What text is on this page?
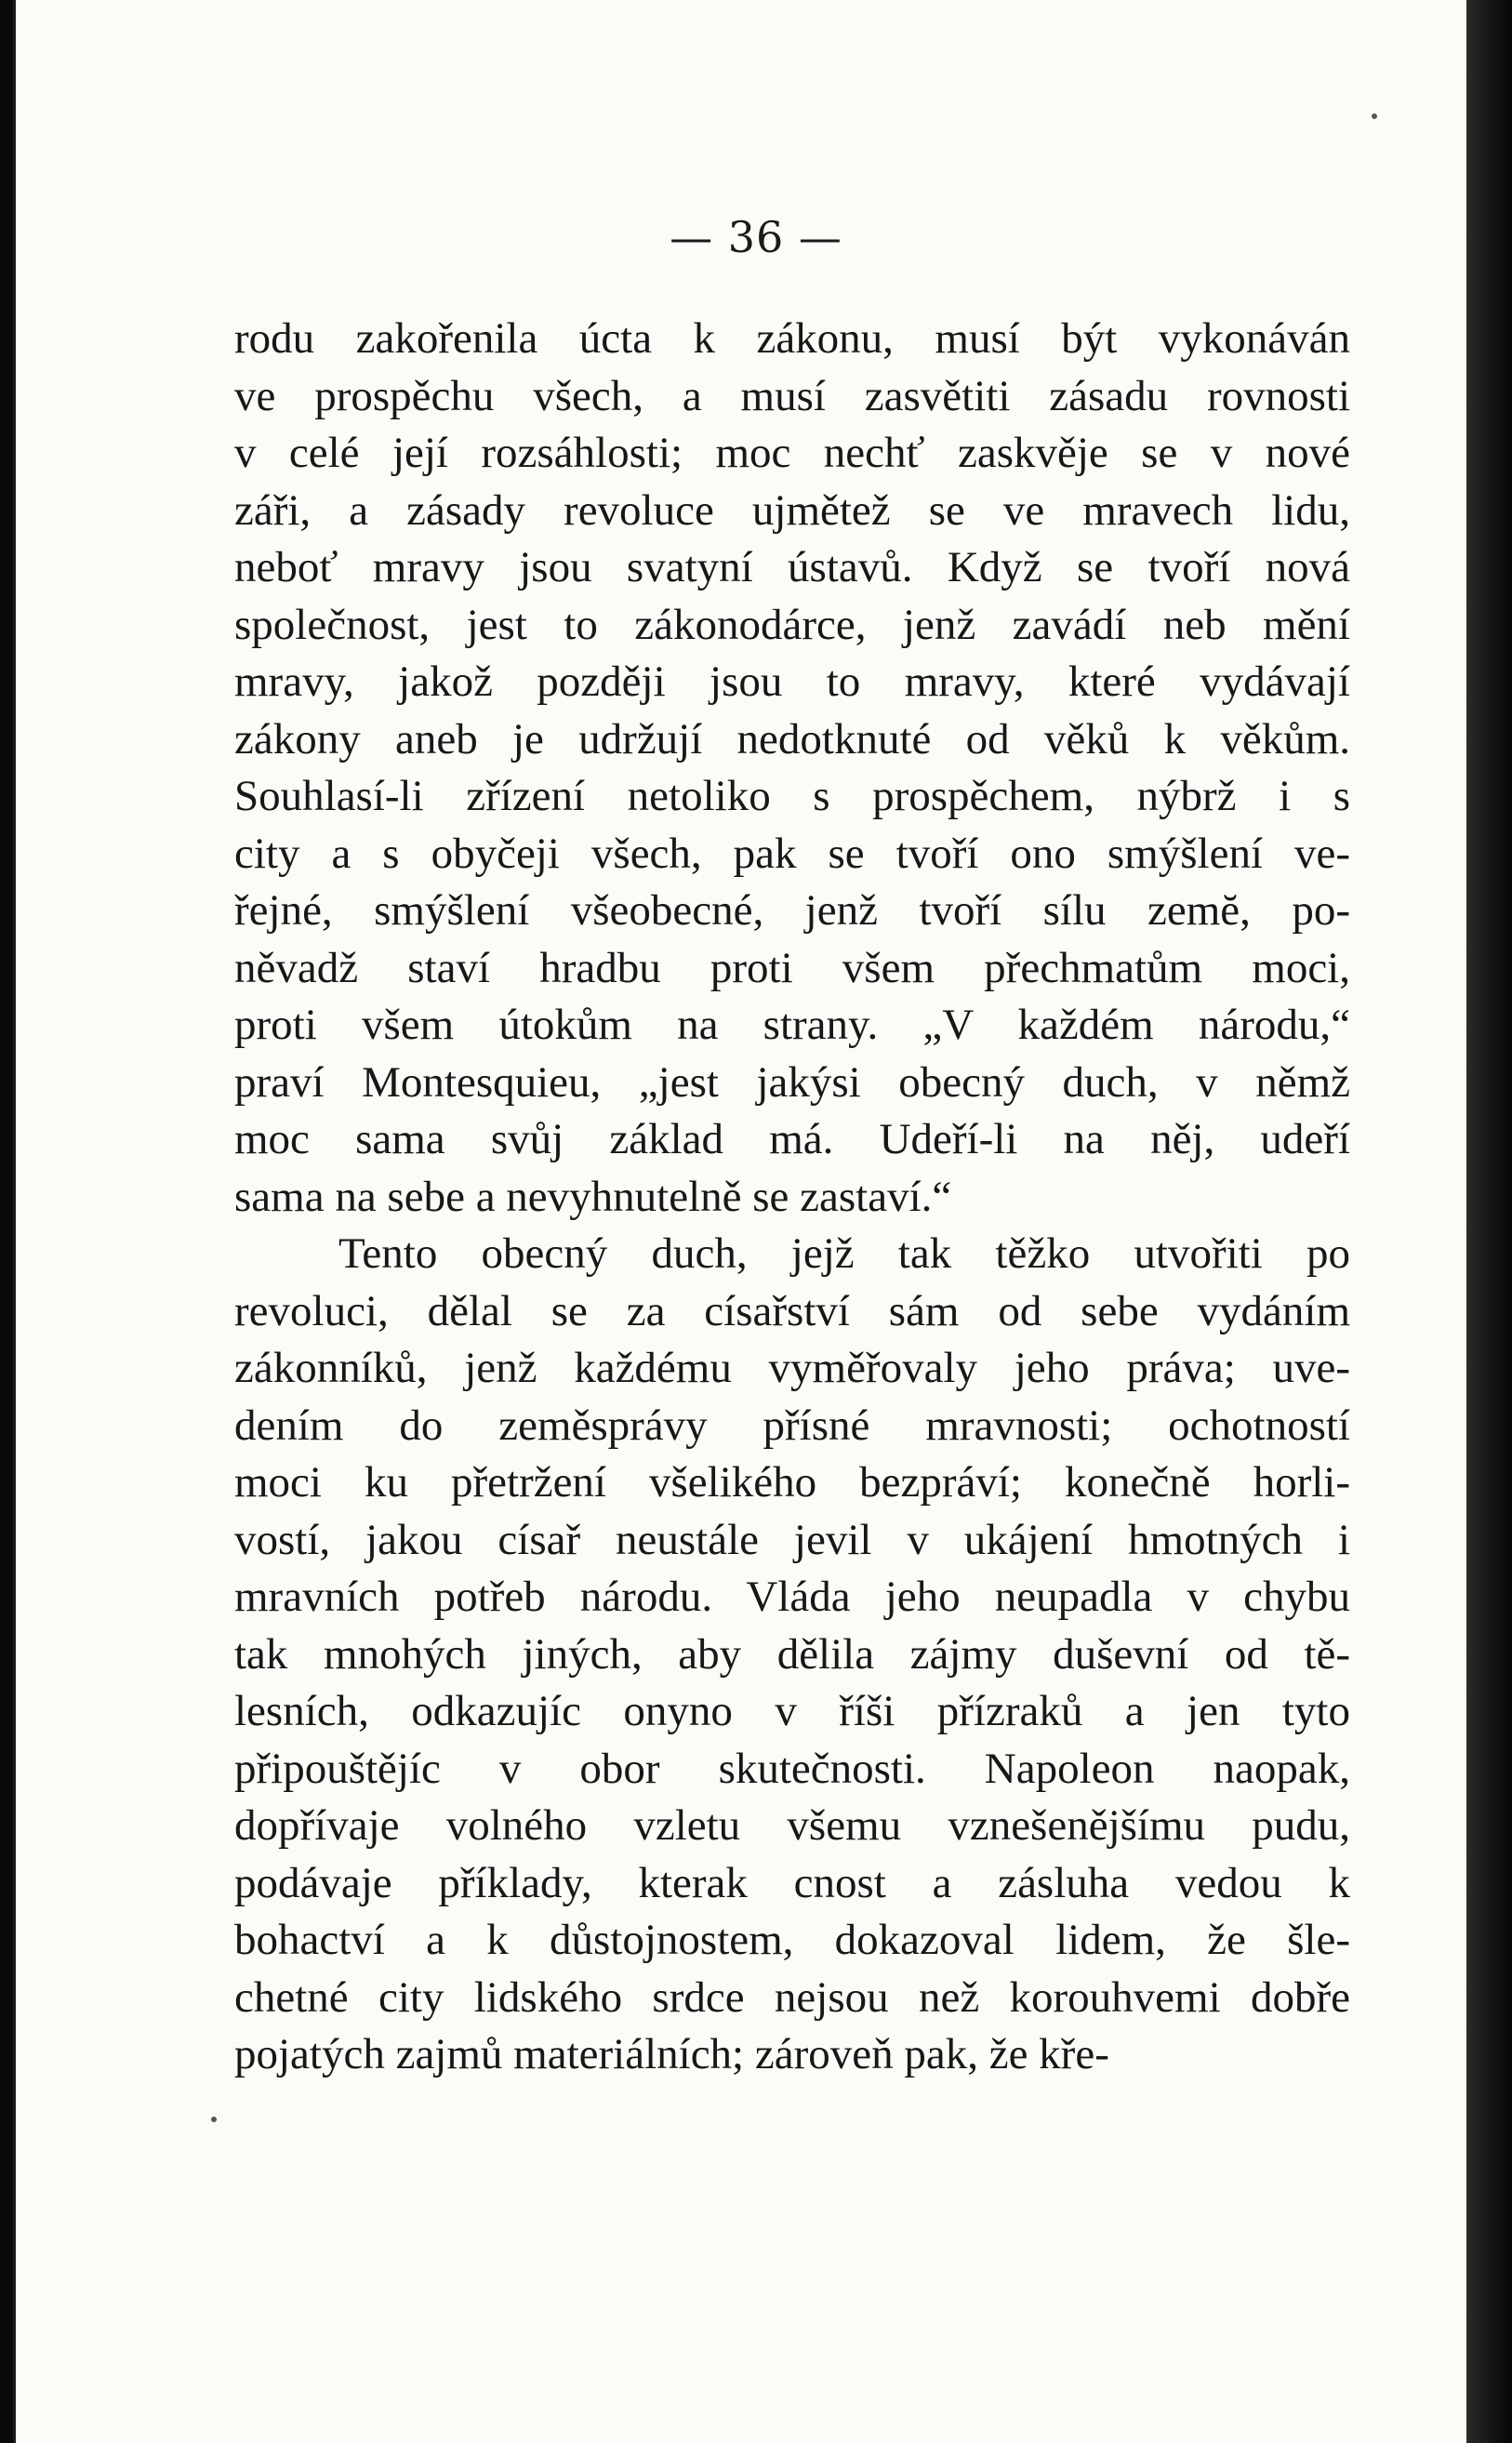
— 36 —
rodu zakořenila úcta k zákonu, musí být vykonáván
ve prospěchu všech, a musí zasvětiti zásadu rovnosti
v celé její rozsáhlosti; moc nechť zaskvěje se v nové
záři, a zásady revoluce ujmětež se ve mravech lidu,
neboť mravy jsou svatyní ústavů. Když se tvoří nová
společnost, jest to zákonodárce, jenž zavádí neb mění
mravy, jakož později jsou to mravy, které vydávají
zákony aneb je udržují nedotknuté od věků k věkům.
Souhlasí-li zřízení netoliko s prospěchem, nýbrž i s
city a s obyčeji všech, pak se tvoří ono smýšlení ve-
řejné, smýšlení všeobecné, jenž tvoří sílu zemĕ, po-
něvadž staví hradbu proti všem přechmatům moci,
proti všem útokům na strany. „V každém národu,“
praví Montesquieu, „jest jakýsi obecný duch, v němž
moc sama svůj základ má. Udeří-li na něj, udeří
sama na sebe a nevyhnutelně se zastaví.“
Tento obecný duch, jejž tak těžko utvořiti po
revoluci, dělal se za císařství sám od sebe vydáním
zákonníků, jenž každému vyměřovaly jeho práva; uve-
dením do zeměsprávy přísné mravnosti; ochotností
moci ku přetržení všelikého bezpráví; konečně horli-
vostí, jakou císař neustále jevil v ukájení hmotných i
mravních potřeb národu. Vláda jeho neupadla v chybu
tak mnohých jiných, aby dělila zájmy duševní od tě-
lesních, odkazujíc onyno v říši přízraků a jen tyto
připouštějíc v obor skutečnosti. Napoleon naopak,
dopřívaje volného vzletu všemu vznešenějšímu pudu,
podávaje příklady, kterak cnost a zásluha vedou k
bohactví a k důstojnostem, dokazoval lidem, že šle-
chetné city lidského srdce nejsou než korouhvemi dobře
pojatých zajmů materiálních; zároveň pak, že kře-
